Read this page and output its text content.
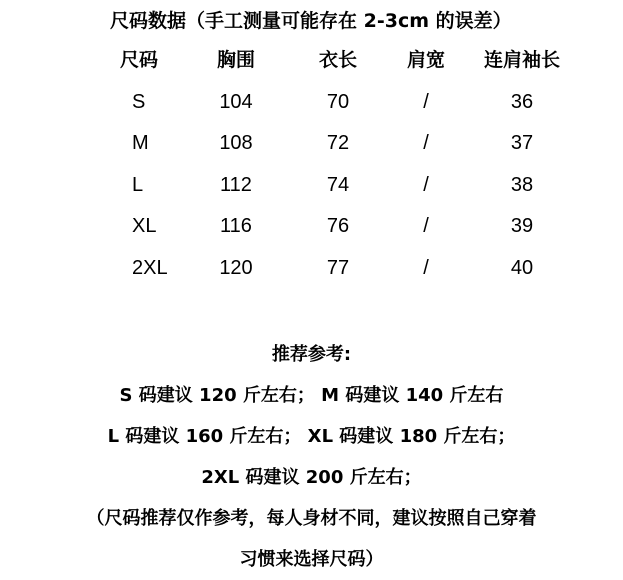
尺码数据（手工测量可能存在 2-3cm 的误差）
尺码	胸围	衣长	肩宽	连肩袖长
S	104	70	/	36
M	108	72	/	37
L	112	74	/	38
XL	116	76	/	39
2XL	120	77	/	40
推荐参考:
S 码建议 120 斤左右； M 码建议 140 斤左右
L 码建议 160 斤左右； XL 码建议 180 斤左右；
2XL 码建议 200 斤左右；
（尺码推荐仅作参考，每人身材不同，建议按照自己穿着
习惯来选择尺码）
